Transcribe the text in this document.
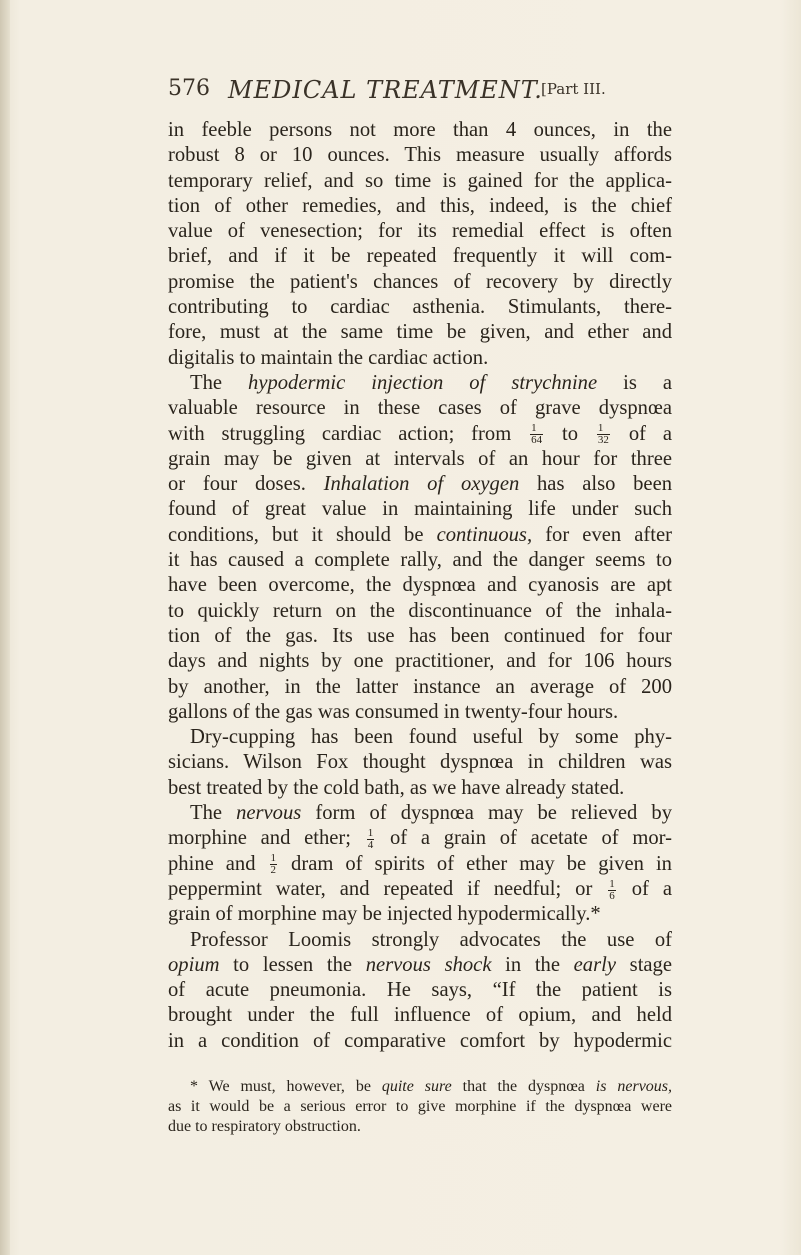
576 MEDICAL TREATMENT.
[Part III.
in feeble persons not more than 4 ounces, in the
robust 8 or 10 ounces. This measure usually affords
temporary relief, and so time is gained for the applica-
tion of other remedies, and this, indeed, is the chief
value of venesection; for its remedial effect is often
brief, and if it be repeated frequently it will com-
promise the patient's chances of recovery by directly
contributing to cardiac asthenia. Stimulants, there-
fore, must at the same time be given, and ether and
digitalis to maintain the cardiac action.
The hypodermic injection of strychnine is a
valuable resource in these cases of grave dyspnœa
with struggling cardiac action; from $\frac{1}{64}$ to $\frac{1}{32}$ of a
grain may be given at intervals of an hour for three
or four doses. Inhalation of oxygen has also been
found of great value in maintaining life under such
conditions, but it should be continuous, for even after
it has caused a complete rally, and the danger seems to
have been overcome, the dyspnœa and cyanosis are apt
to quickly return on the discontinuance of the inhala-
tion of the gas. Its use has been continued for four
days and nights by one practitioner, and for 106 hours
by another, in the latter instance an average of 200
gallons of the gas was consumed in twenty-four hours.
Dry-cupping has been found useful by some phy-
sicians. Wilson Fox thought dyspnœa in children was
best treated by the cold bath, as we have already stated.
The nervous form of dyspnœa may be relieved by
morphine and ether; $\frac{1}{4}$ of a grain of acetate of mor-
phine and $\frac{1}{2}$ dram of spirits of ether may be given in
peppermint water, and repeated if needful; or $\frac{1}{6}$ of a
grain of morphine may be injected hypodermically.*
Professor Loomis strongly advocates the use of
opium to lessen the nervous shock in the early stage
of acute pneumonia. He says, “If the patient is
brought under the full influence of opium, and held
in a condition of comparative comfort by hypodermic
* We must, however, be quite sure that the dyspnœa is nervous,
as it would be a serious error to give morphine if the dyspnœa were
due to respiratory obstruction.
